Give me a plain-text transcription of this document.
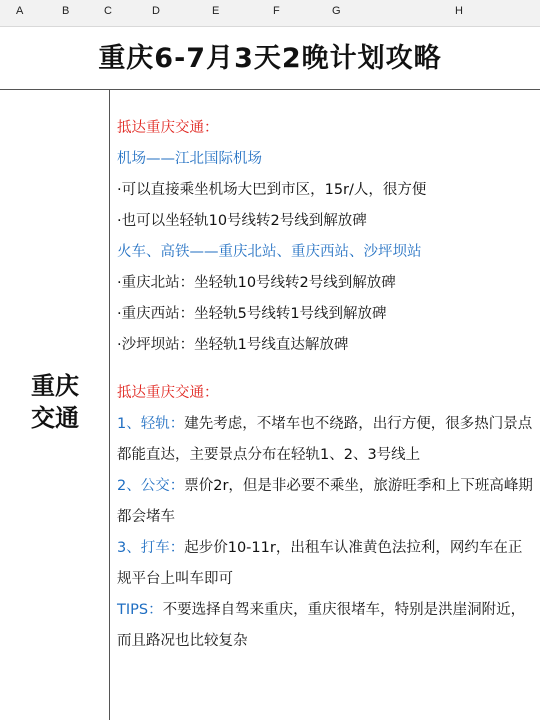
A	B	C	D	E	F	G	H
重庆6-7月3天2晚计划攻略
重庆
交通
抵达重庆交通：
机场——江北国际机场
·可以直接乘坐机场大巴到市区，15r/人，很方便
·也可以坐轻轨10号线转2号线到解放碑
火车、高铁——重庆北站、重庆西站、沙坪坝站
·重庆北站：坐轻轨10号线转2号线到解放碑
·重庆西站：坐轻轨5号线转1号线到解放碑
·沙坪坝站：坐轻轨1号线直达解放碑
抵达重庆交通：
1、轻轨：建先考虑，不堵车也不绕路，出行方便，很多热门景点都能直达，主要景点分布在轻轨1、2、3号线上
2、公交：票价2r，但是非必要不乘坐，旅游旺季和上下班高峰期都会堵车
3、打车：起步价10-11r，出租车认准黄色法拉利，网约车在正规平台上叫车即可
TIPS：不要选择自驾来重庆，重庆很堵车，特别是洪崖洞附近，而且路况也比较复杂
